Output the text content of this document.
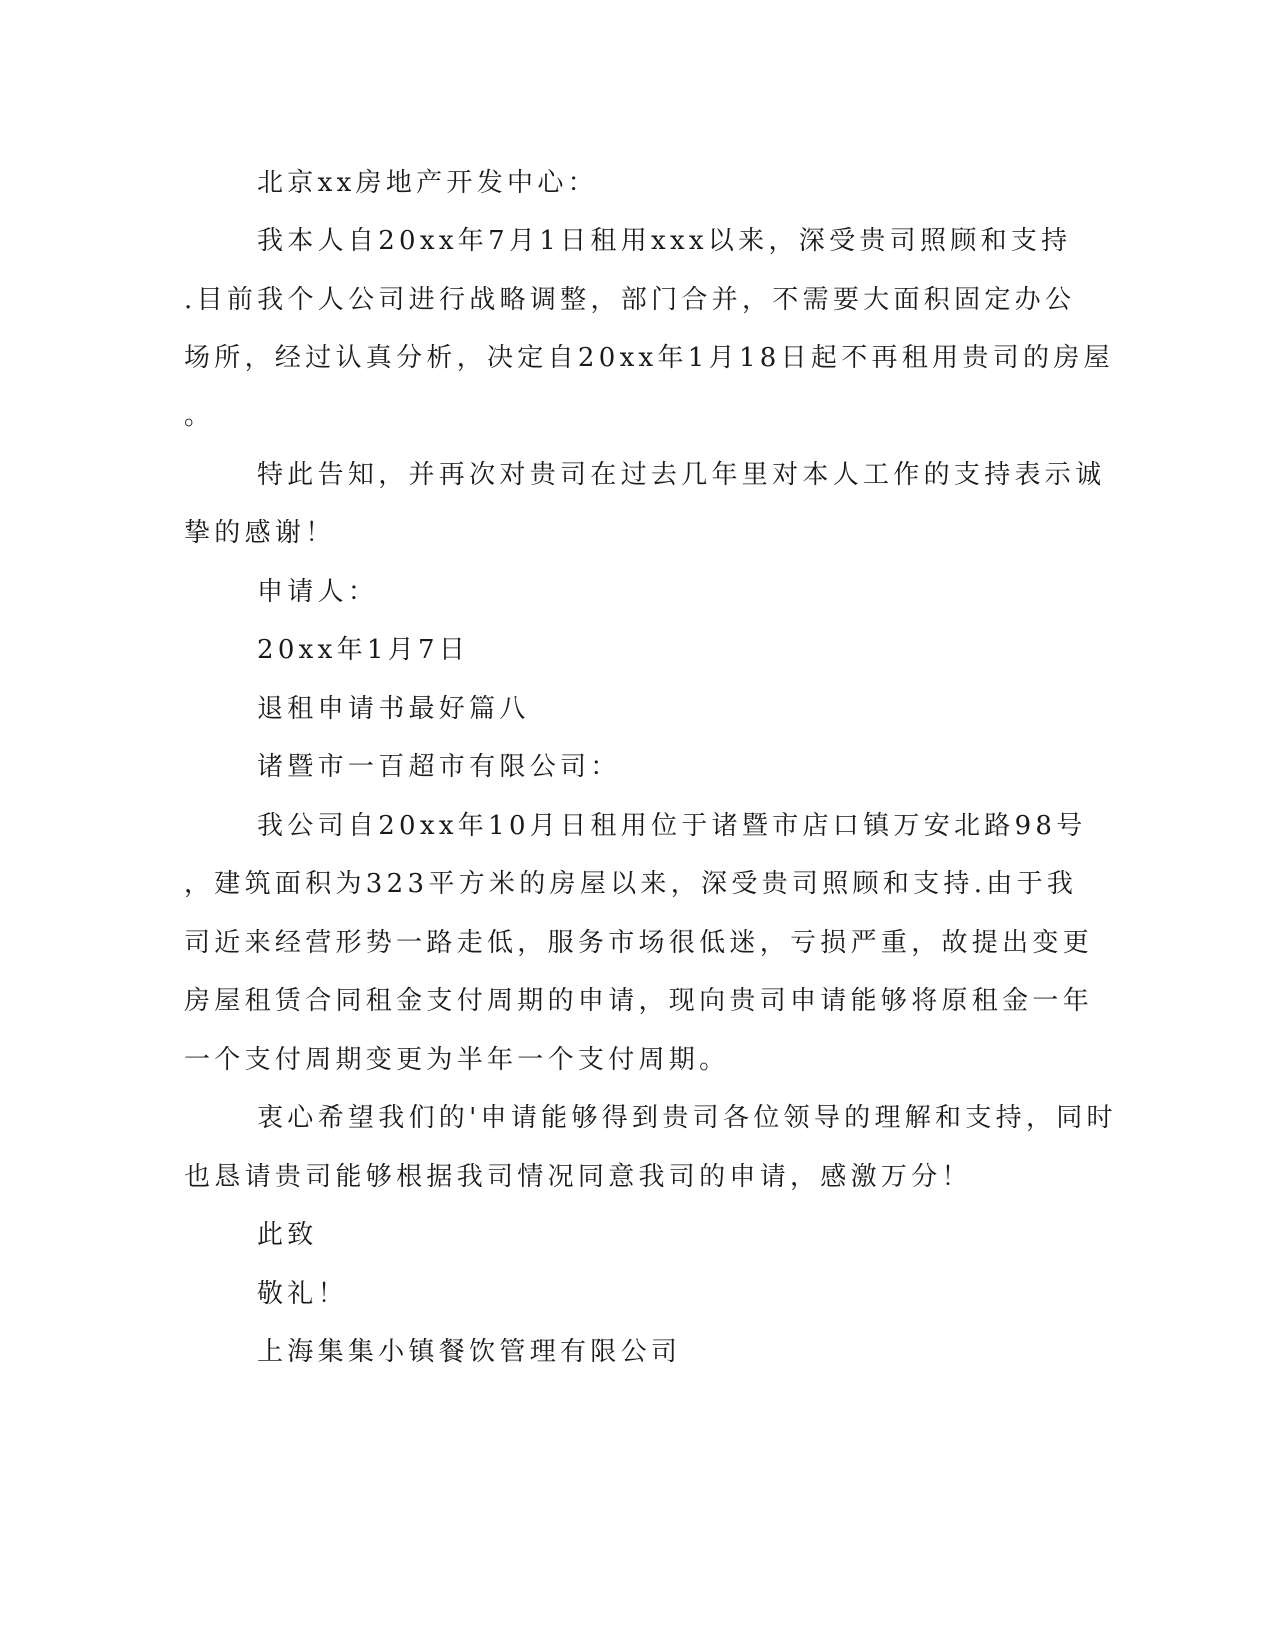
北京xx房地产开发中心：
我本人自20xx年7月1日租用xxx以来，深受贵司照顾和支持
.目前我个人公司进行战略调整，部门合并，不需要大面积固定办公
场所，经过认真分析，决定自20xx年1月18日起不再租用贵司的房屋
。
特此告知，并再次对贵司在过去几年里对本人工作的支持表示诚
挚的感谢！
申请人：
20xx年1月7日
退租申请书最好篇八
诸暨市一百超市有限公司：
我公司自20xx年10月日租用位于诸暨市店口镇万安北路98号
，建筑面积为323平方米的房屋以来，深受贵司照顾和支持.由于我
司近来经营形势一路走低，服务市场很低迷，亏损严重，故提出变更
房屋租赁合同租金支付周期的申请，现向贵司申请能够将原租金一年
一个支付周期变更为半年一个支付周期。
衷心希望我们的'申请能够得到贵司各位领导的理解和支持，同时
也恳请贵司能够根据我司情况同意我司的申请，感激万分！
此致
敬礼！
上海集集小镇餐饮管理有限公司
